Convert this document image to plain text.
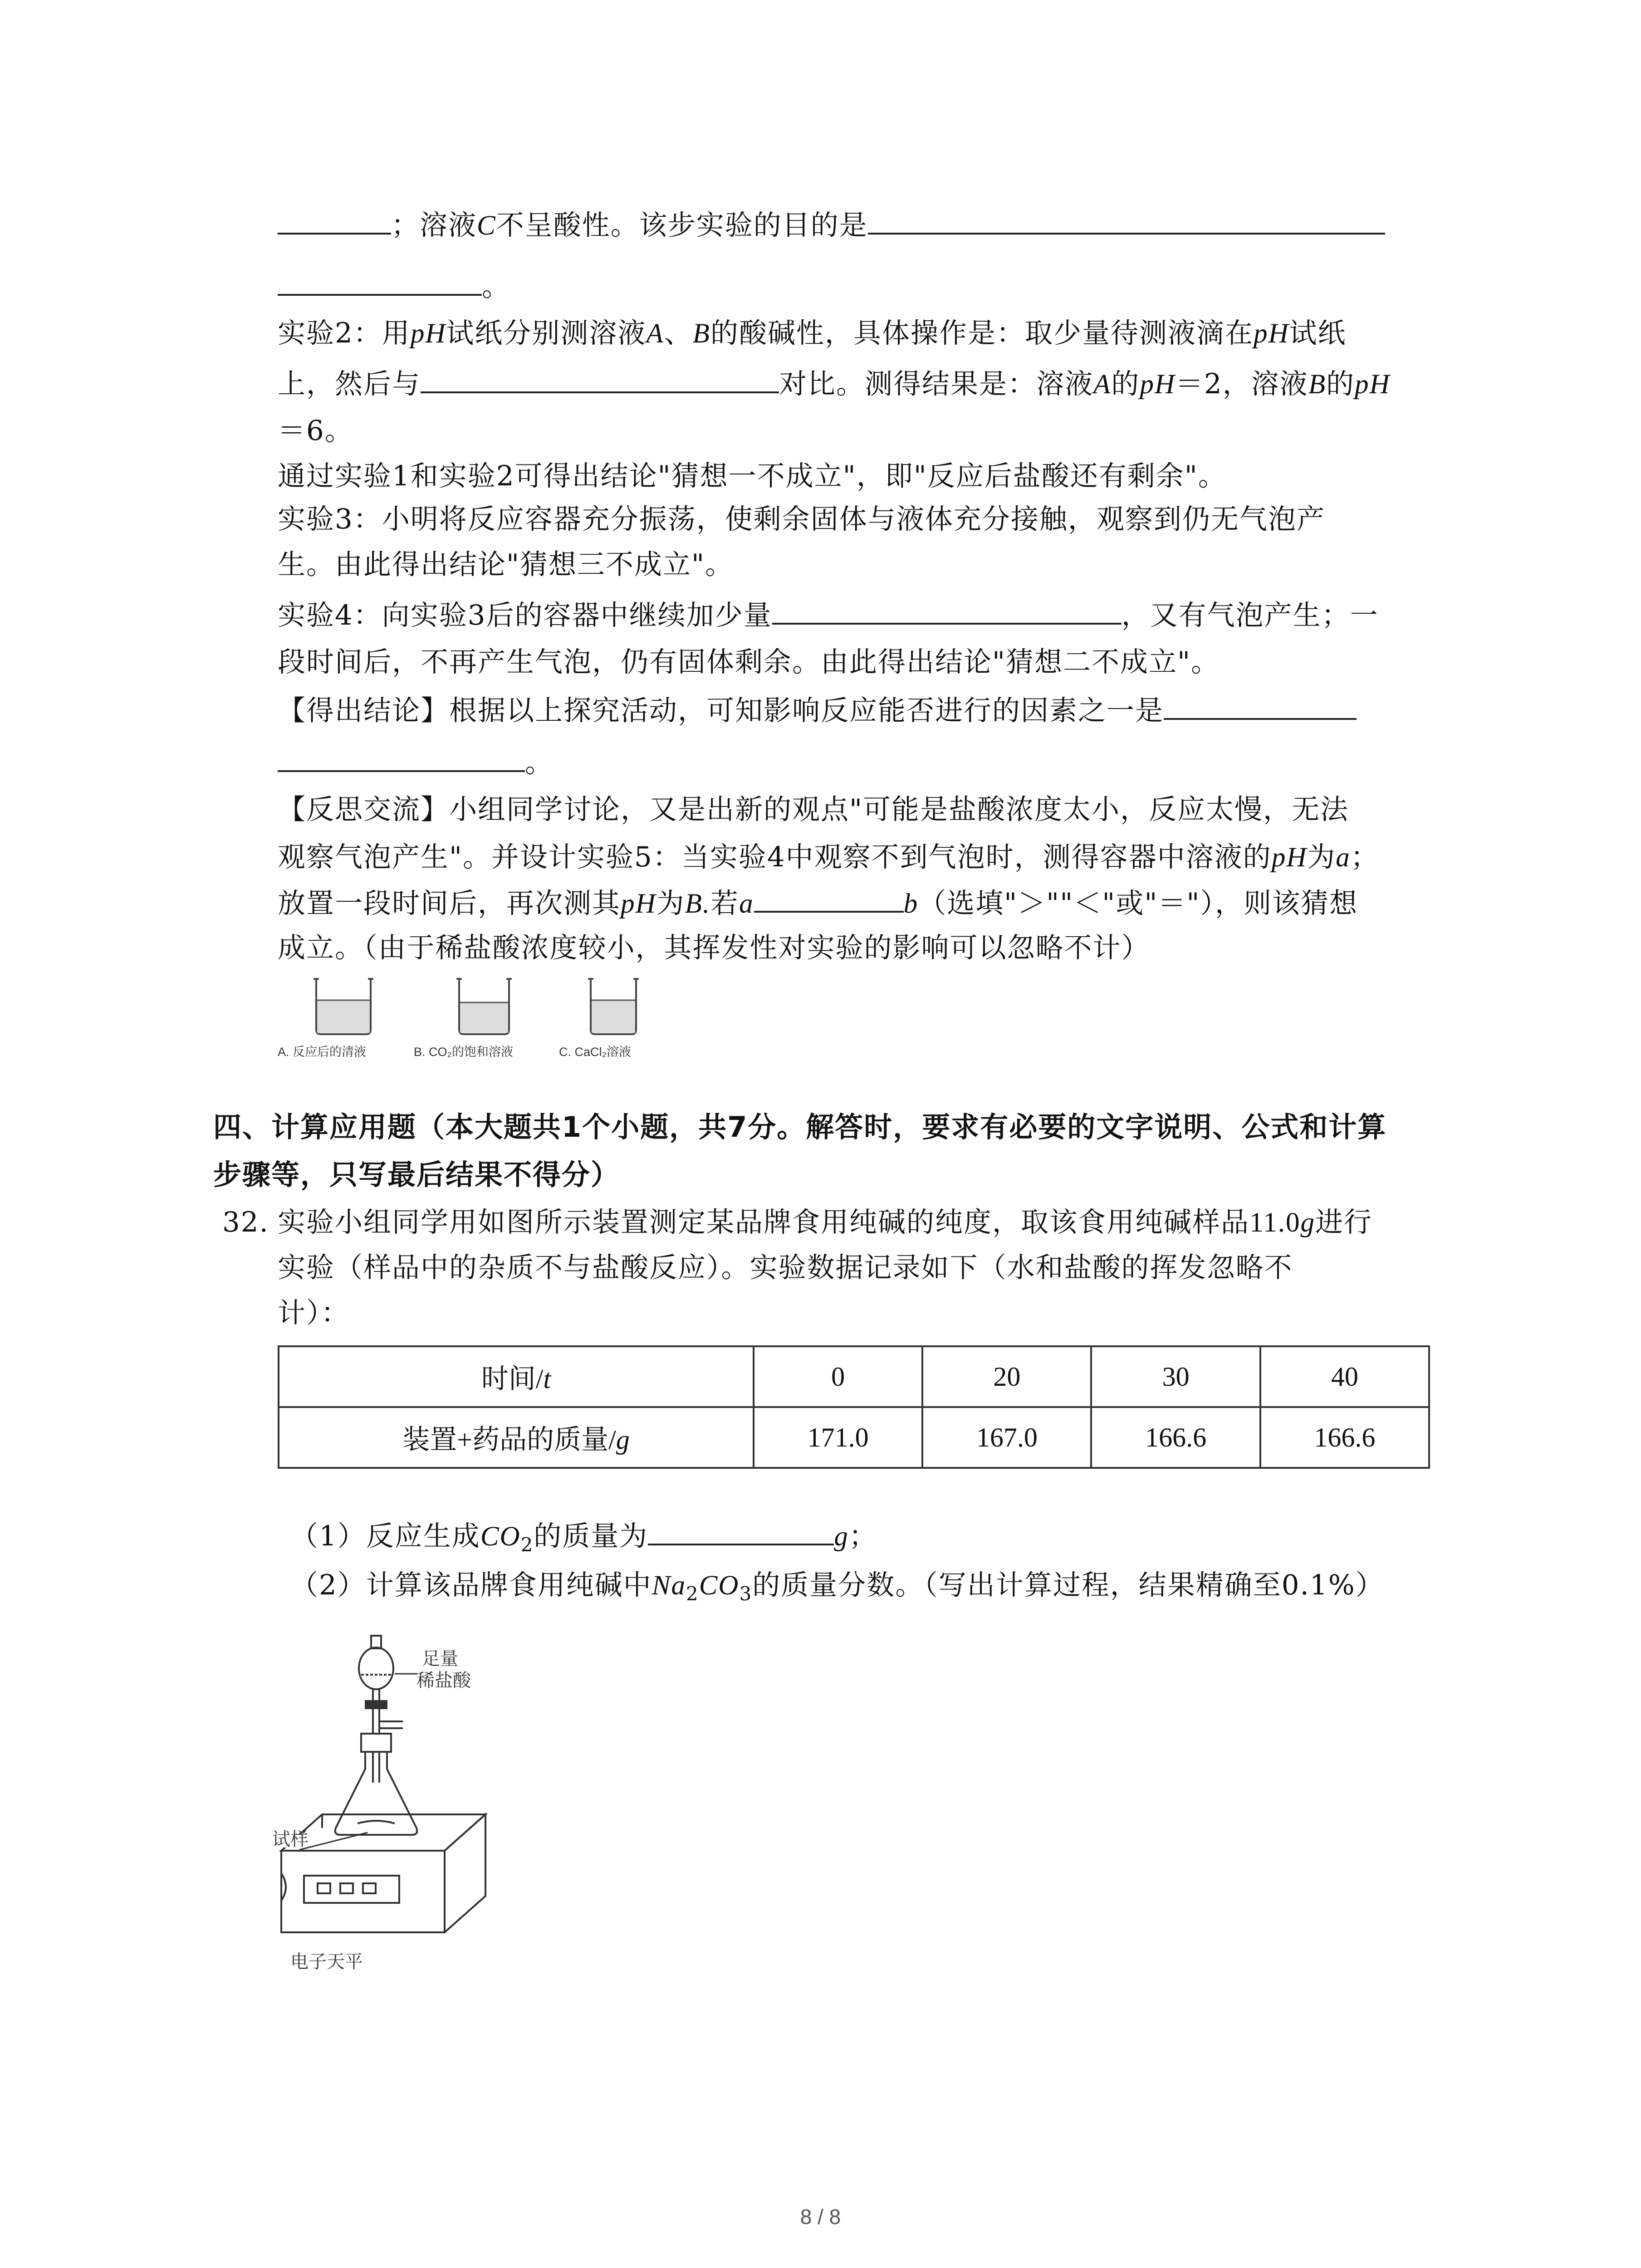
；溶液C不呈酸性。该步实验的目的是
。
实验2：用pH试纸分别测溶液A、B的酸碱性，具体操作是：取少量待测液滴在pH试纸
上，然后与	对比。测得结果是：溶液A的pH＝2，溶液B的pH
＝6。
通过实验1和实验2可得出结论"猜想一不成立"，即"反应后盐酸还有剩余"。
实验3：小明将反应容器充分振荡，使剩余固体与液体充分接触，观察到仍无气泡产
生。由此得出结论"猜想三不成立"。
实验4：向实验3后的容器中继续加少量	，又有气泡产生；一
段时间后，不再产生气泡，仍有固体剩余。由此得出结论"猜想二不成立"。
【得出结论】根据以上探究活动，可知影响反应能否进行的因素之一是
。
【反思交流】小组同学讨论，又是出新的观点"可能是盐酸浓度太小，反应太慢，无法
观察气泡产生"。并设计实验5：当实验4中观察不到气泡时，测得容器中溶液的pH为a；
放置一段时间后，再次测其pH为B.若a	b（选填"＞""＜"或"＝"），则该猜想
成立。（由于稀盐酸浓度较小，其挥发性对实验的影响可以忽略不计）
A. 反应后的清液	B. CO₂的饱和溶液	C. CaCl₂溶液
四、计算应用题（本大题共1个小题，共7分。解答时，要求有必要的文字说明、公式和计算
步骤等，只写最后结果不得分）
32. 实验小组同学用如图所示装置测定某品牌食用纯碱的纯度，取该食用纯碱样品11.0g进行
实验（样品中的杂质不与盐酸反应）。实验数据记录如下（水和盐酸的挥发忽略不
计）：
时间/t	0	20	30	40
装置+药品的质量/g	171.0	167.0	166.6	166.6
（1）反应生成$CO_2$的质量为	g；
（2）计算该品牌食用纯碱中$Na_2CO_3$的质量分数。（写出计算过程，结果精确至0.1%）
足量
稀盐酸
试样
电子天平
8 / 8
